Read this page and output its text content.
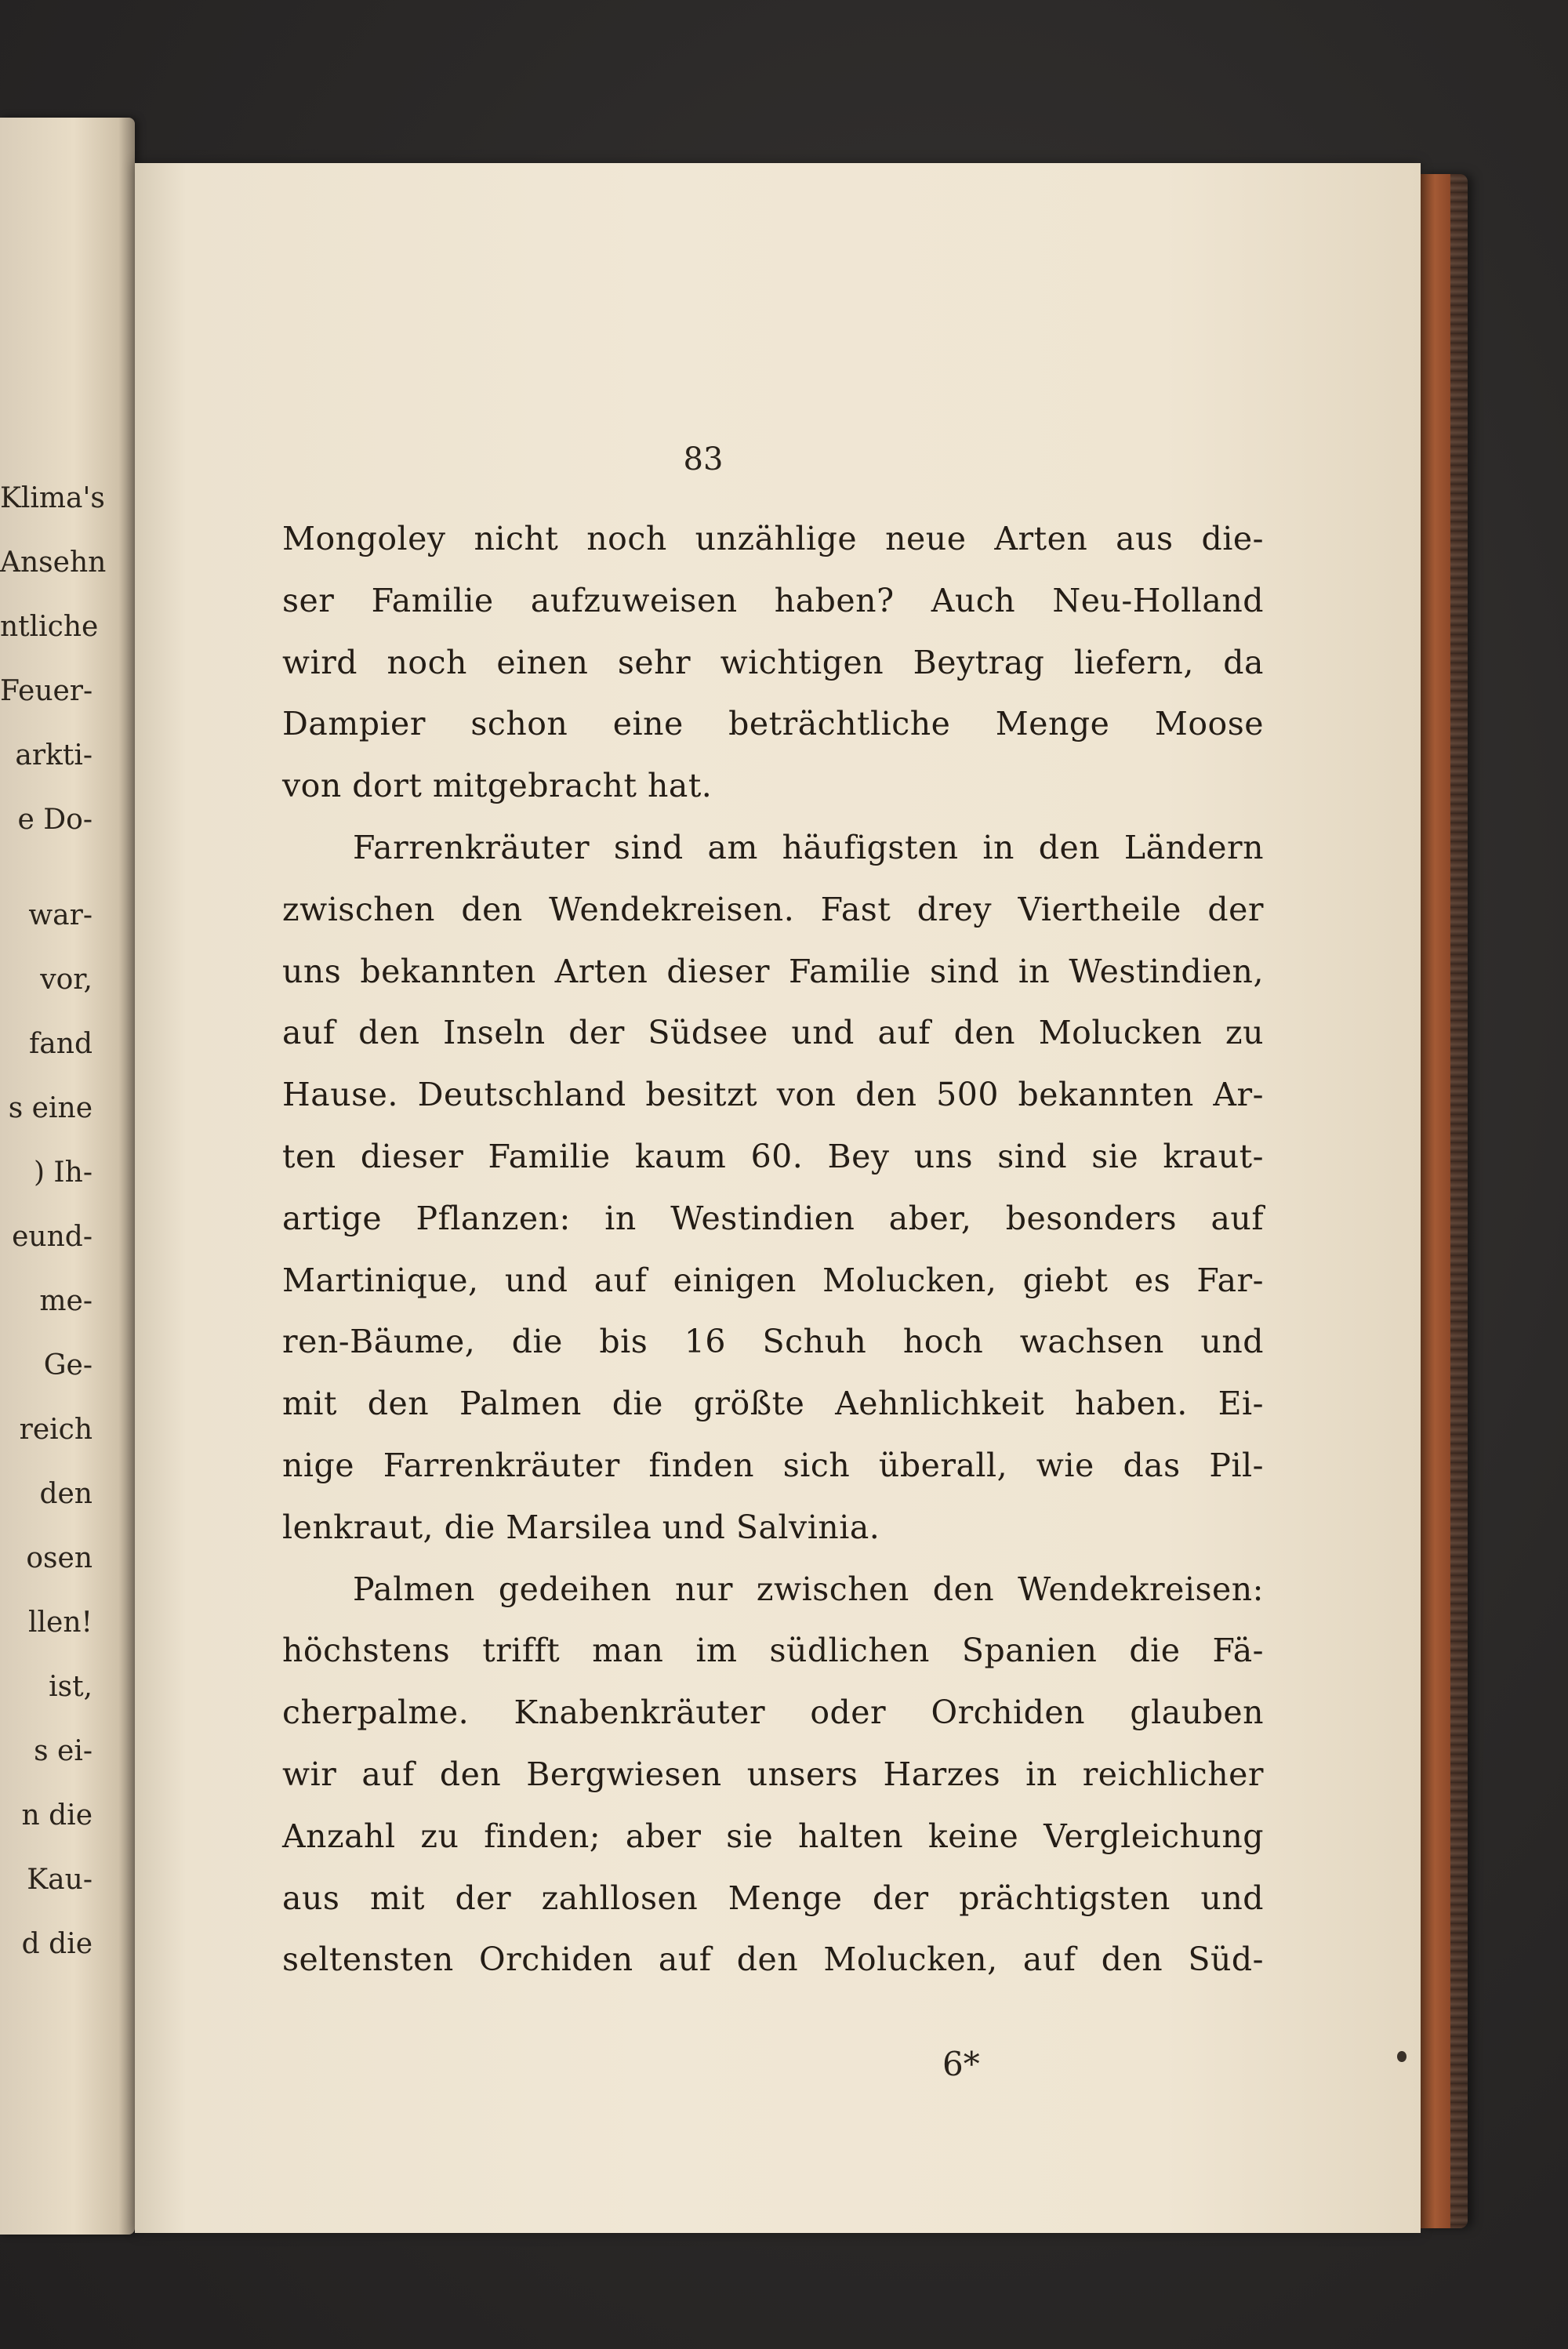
Klima's
Ansehn
ntliche
Feuer-
arkti-
e Do-
war-
vor,
fand
s eine
) Ih-
eund-
me-
Ge-
reich
den
osen
llen!
ist,
s ei-
n die
Kau-
d die
83
Mongoley nicht noch unzählige neue Arten aus die-
ser Familie aufzuweisen haben? Auch Neu-Holland
wird noch einen sehr wichtigen Beytrag liefern, da
Dampier schon eine beträchtliche Menge Moose
von dort mitgebracht hat.
Farrenkräuter sind am häufigsten in den Ländern
zwischen den Wendekreisen. Fast drey Viertheile der
uns bekannten Arten dieser Familie sind in Westindien,
auf den Inseln der Südsee und auf den Molucken zu
Hause. Deutschland besitzt von den 500 bekannten Ar-
ten dieser Familie kaum 60. Bey uns sind sie kraut-
artige Pflanzen: in Westindien aber, besonders auf
Martinique, und auf einigen Molucken, giebt es Far-
ren-Bäume, die bis 16 Schuh hoch wachsen und
mit den Palmen die größte Aehnlichkeit haben. Ei-
nige Farrenkräuter finden sich überall, wie das Pil-
lenkraut, die Marsilea und Salvinia.
Palmen gedeihen nur zwischen den Wendekreisen:
höchstens trifft man im südlichen Spanien die Fä-
cherpalme. Knabenkräuter oder Orchiden glauben
wir auf den Bergwiesen unsers Harzes in reichlicher
Anzahl zu finden; aber sie halten keine Vergleichung
aus mit der zahllosen Menge der prächtigsten und
seltensten Orchiden auf den Molucken, auf den Süd-
6*
